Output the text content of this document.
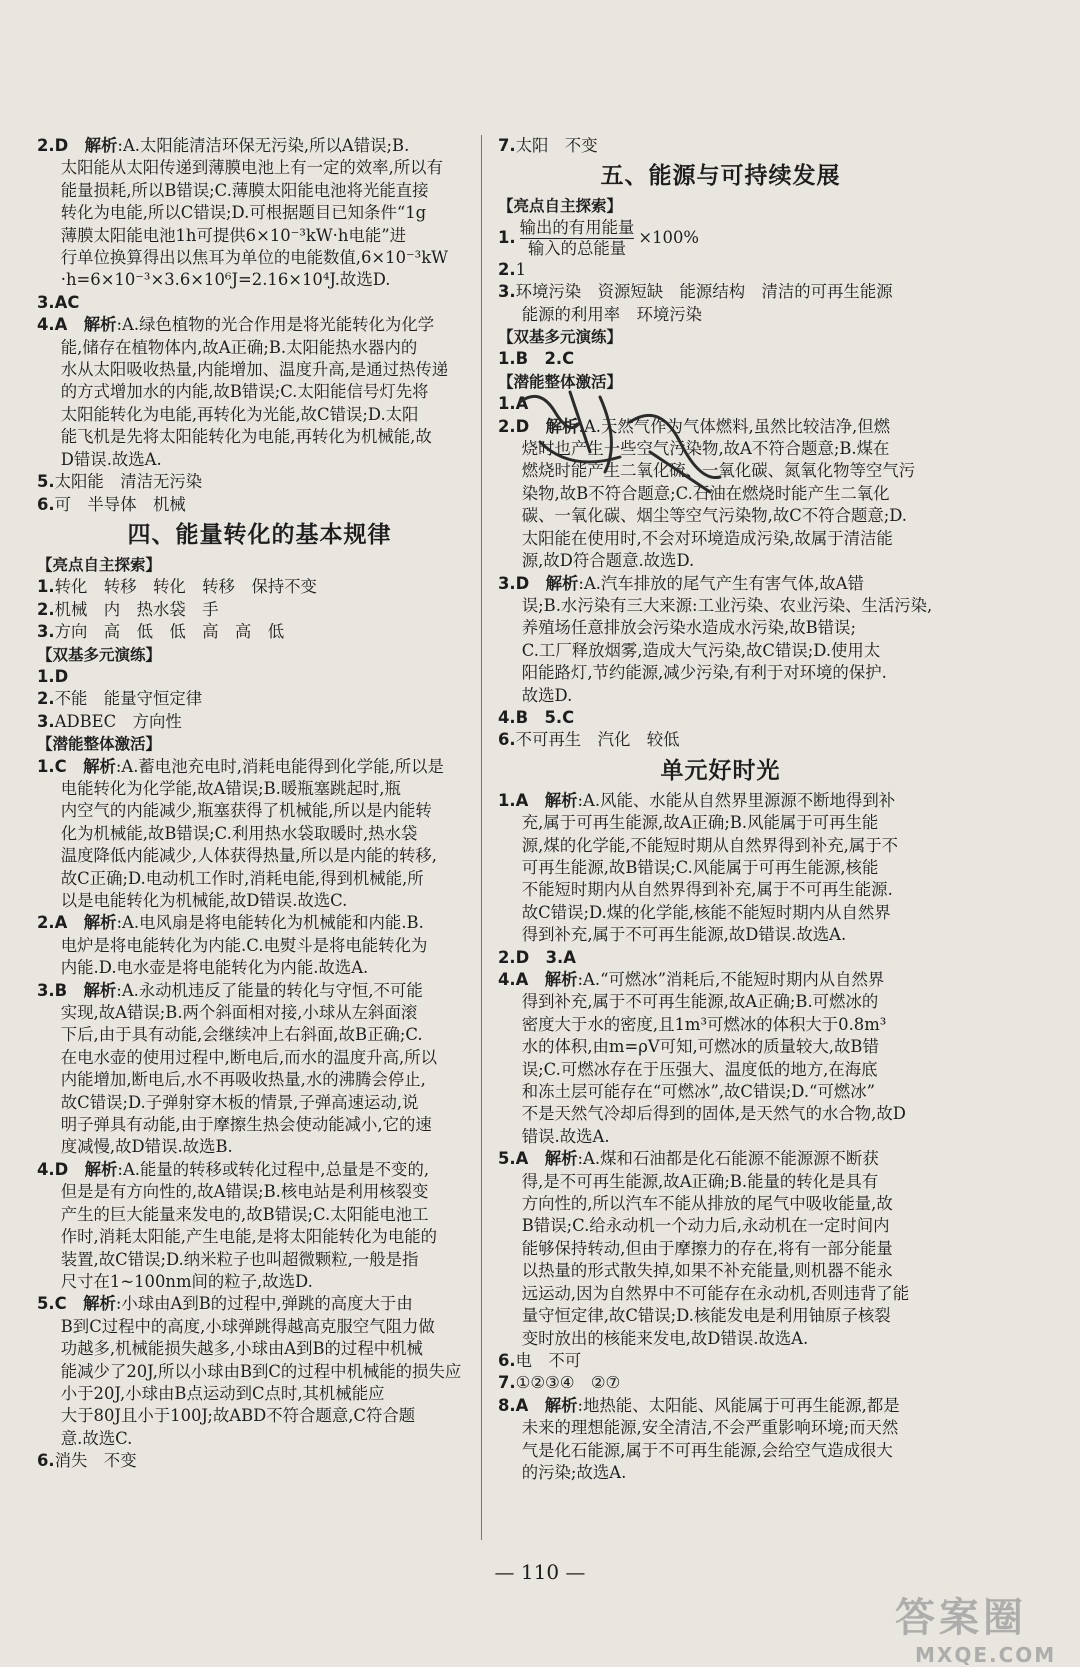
2.D　 解析:A.太阳能清洁环保无污染,所以A错误;B.

太阳能从太阳传递到薄膜电池上有一定的效率,所以有

能量损耗,所以B错误;C.薄膜太阳能电池将光能直接

转化为电能,所以C错误;D.可根据题目已知条件“1g

薄膜太阳能电池1h可提供6×10⁻³kW·h电能”进

行单位换算得出以焦耳为单位的电能数值,6×10⁻³kW

·h=6×10⁻³×3.6×10⁶J=2.16×10⁴J.故选D.

3.AC

4.A　 解析:A.绿色植物的光合作用是将光能转化为化学

能,储存在植物体内,故A正确;B.太阳能热水器内的

水从太阳吸收热量,内能增加、温度升高,是通过热传递

的方式增加水的内能,故B错误;C.太阳能信号灯先将

太阳能转化为电能,再转化为光能,故C错误;D.太阳

能飞机是先将太阳能转化为电能,再转化为机械能,故

D错误.故选A.

5.太阳能　清洁无污染

6.可　半导体　机械

四、能量转化的基本规律

【亮点自主探索】

1.转化　转移　转化　转移　保持不变

2.机械　内　热水袋　手

3.方向　高　低　低　高　高　低

【双基多元演练】

1.D

2.不能　能量守恒定律

3.ADBEC　方向性

【潜能整体激活】

1.C　 解析:A.蓄电池充电时,消耗电能得到化学能,所以是

电能转化为化学能,故A错误;B.暖瓶塞跳起时,瓶

内空气的内能减少,瓶塞获得了机械能,所以是内能转

化为机械能,故B错误;C.利用热水袋取暖时,热水袋

温度降低内能减少,人体获得热量,所以是内能的转移,

故C正确;D.电动机工作时,消耗电能,得到机械能,所

以是电能转化为机械能,故D错误.故选C.

2.A　 解析:A.电风扇是将电能转化为机械能和内能.B.

电炉是将电能转化为内能.C.电熨斗是将电能转化为

内能.D.电水壶是将电能转化为内能.故选A.

3.B　 解析:A.永动机违反了能量的转化与守恒,不可能

实现,故A错误;B.两个斜面相对接,小球从左斜面滚

下后,由于具有动能,会继续冲上右斜面,故B正确;C.

在电水壶的使用过程中,断电后,而水的温度升高,所以

内能增加,断电后,水不再吸收热量,水的沸腾会停止,

故C错误;D.子弹射穿木板的情景,子弹高速运动,说

明子弹具有动能,由于摩擦生热会使动能减小,它的速

度减慢,故D错误.故选B.

4.D　 解析:A.能量的转移或转化过程中,总量是不变的,

但是是有方向性的,故A错误;B.核电站是利用核裂变

产生的巨大能量来发电的,故B错误;C.太阳能电池工

作时,消耗太阳能,产生电能,是将太阳能转化为电能的

装置,故C错误;D.纳米粒子也叫超微颗粒,一般是指

尺寸在1~100nm间的粒子,故选D.

5.C　 解析:小球由A到B的过程中,弹跳的高度大于由

B到C过程中的高度,小球弹跳得越高克服空气阻力做

功越多,机械能损失越多,小球由A到B的过程中机械

能减少了20J,所以小球由B到C的过程中机械能的损失应

小于20J,小球由B点运动到C点时,其机械能应

大于80J且小于100J;故ABD不符合题意,C符合题

意.故选C.

6.消失　不变

7.太阳　不变

五、能源与可持续发展

【亮点自主探索】

1. $\frac{\text{输出的有用能量}}{\text{输入的总能量}} \times 100\%$

2.1

3.环境污染　资源短缺　能源结构　清洁的可再生能源

能源的利用率　环境污染

【双基多元演练】

1.B　2.C

【潜能整体激活】

1.A

2.D　 解析:A.天然气作为气体燃料,虽然比较洁净,但燃

烧时也产生一些空气污染物,故A不符合题意;B.煤在

燃烧时能产生二氧化硫、一氧化碳、氮氧化物等空气污

染物,故B不符合题意;C.石油在燃烧时能产生二氧化

碳、一氧化碳、烟尘等空气污染物,故C不符合题意;D.

太阳能在使用时,不会对环境造成污染,故属于清洁能

源,故D符合题意.故选D.

3.D　 解析:A.汽车排放的尾气产生有害气体,故A错

误;B.水污染有三大来源:工业污染、农业污染、生活污染,

养殖场任意排放会污染水造成水污染,故B错误;

C.工厂释放烟雾,造成大气污染,故C错误;D.使用太

阳能路灯,节约能源,减少污染,有利于对环境的保护.

故选D.

4.B　5.C

6.不可再生　汽化　较低

单元好时光

1.A　 解析:A.风能、水能从自然界里源源不断地得到补

充,属于可再生能源,故A正确;B.风能属于可再生能

源,煤的化学能,不能短时期从自然界得到补充,属于不

可再生能源,故B错误;C.风能属于可再生能源,核能

不能短时期内从自然界得到补充,属于不可再生能源.

故C错误;D.煤的化学能,核能不能短时期内从自然界

得到补充,属于不可再生能源,故D错误.故选A.

2.D　3.A

4.A　 解析:A.“可燃冰”消耗后,不能短时期内从自然界

得到补充,属于不可再生能源,故A正确;B.可燃冰的

密度大于水的密度,且1m³可燃冰的体积大于0.8m³

水的体积,由m=ρV可知,可燃冰的质量较大,故B错

误;C.可燃冰存在于压强大、温度低的地方,在海底

和冻土层可能存在“可燃冰”,故C错误;D.“可燃冰”

不是天然气冷却后得到的固体,是天然气的水合物,故D

错误.故选A.

5.A　 解析:A.煤和石油都是化石能源不能源源不断获

得,是不可再生能源,故A正确;B.能量的转化是具有

方向性的,所以汽车不能从排放的尾气中吸收能量,故

B错误;C.给永动机一个动力后,永动机在一定时间内

能够保持转动,但由于摩擦力的存在,将有一部分能量

以热量的形式散失掉,如果不补充能量,则机器不能永

远运动,因为自然界中不可能存在永动机,否则违背了能

量守恒定律,故C错误;D.核能发电是利用铀原子核裂

变时放出的核能来发电,故D错误.故选A.

6.电　不可

7.①②③④　②⑦

8.A　 解析:地热能、太阳能、风能属于可再生能源,都是

未来的理想能源,安全清洁,不会严重影响环境;而天然

气是化石能源,属于不可再生能源,会给空气造成很大

的污染;故选A.

— 110 —
答案圈
MXQE.COM
